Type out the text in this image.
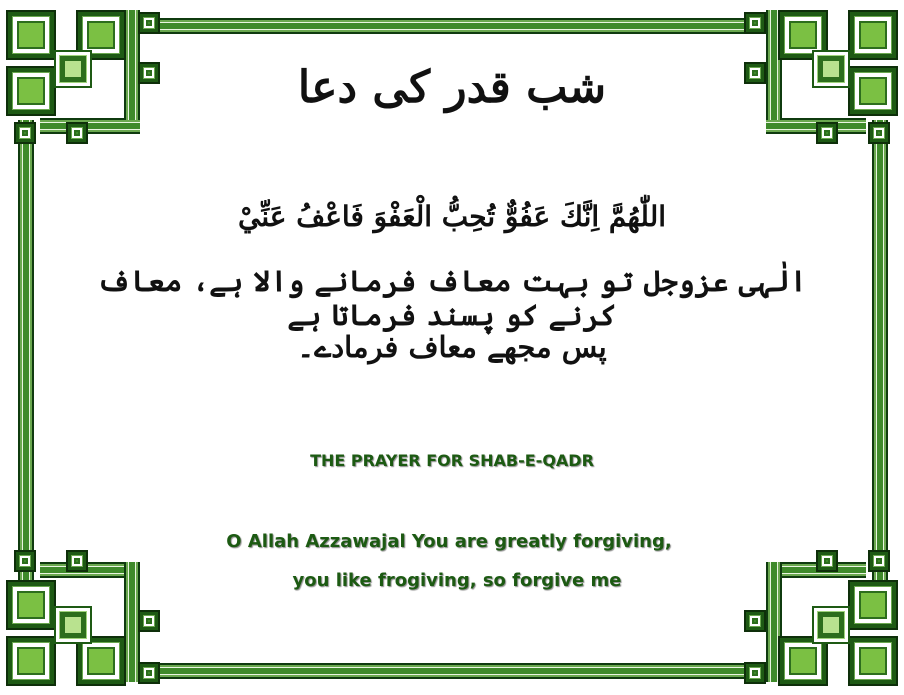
شب قدر کی دعا
اللّٰهُمَّ اِنَّكَ عَفُوٌّ تُحِبُّ الْعَفْوَ فَاعْفُ عَنِّيْ
الٰہی عزوجل تو بہت معاف فرمانے والا ہے، معاف کرنے کو پسند فرماتا ہے
پس مجھے معاف فرمادے۔
THE PRAYER FOR SHAB-E-QADR
O Allah Azzawajal You are greatly forgiving,
you like frogiving, so forgive me
